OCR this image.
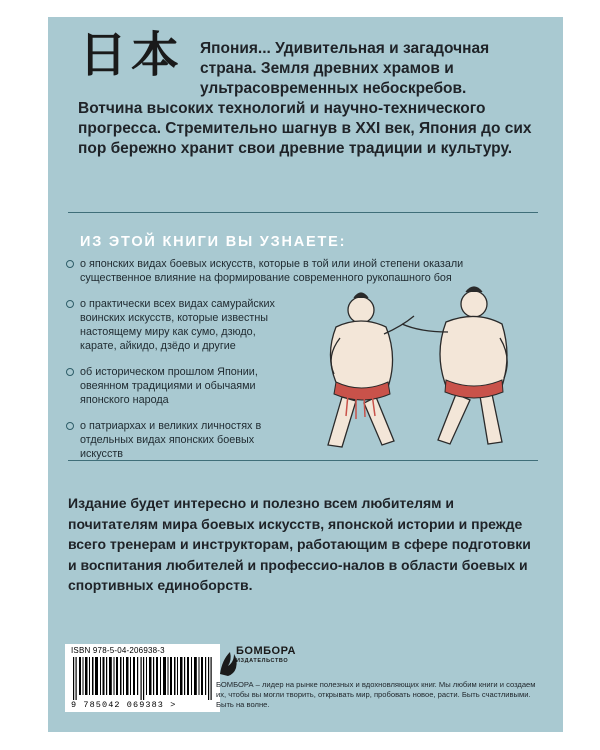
日本 Япония... Удивительная и загадочная страна. Земля древних храмов и ультрасовременных небоскребов.
Вотчина высоких технологий и научно-технического прогресса. Стремительно шагнув в XXI век, Япония до сих пор бережно хранит свои древние традиции и культуру.
ИЗ ЭТОЙ КНИГИ ВЫ УЗНАЕТЕ:
о японских видах боевых искусств, которые в той или иной степени оказали существенное влияние на формирование современного рукопашного боя
о практически всех видах самурайских воинских искусств, которые известны настоящему миру как сумо, дзюдо, карате, айкидо, дзёдо и другие
об историческом прошлом Японии, овеянном традициями и обычаями японского народа
о патриархах и великих личностях в отдельных видах японских боевых искусств
Издание будет интересно и полезно всем любителям и почитателям мира боевых искусств, японской истории и прежде всего тренерам и инструкторам, работающим в сфере подготовки и воспитания любителей и профессио-налов в области боевых и спортивных единоборств.
ISBN 978-5-04-206938-3
9 785042 069383 >
БОМБОРА
ИЗДАТЕЛЬСТВО
БОМБОРА – лидер на рынке полезных и вдохновляющих книг. Мы любим книги и создаем их, чтобы вы могли творить, открывать мир, пробовать новое, расти. Быть счастливыми. Быть на волне.
